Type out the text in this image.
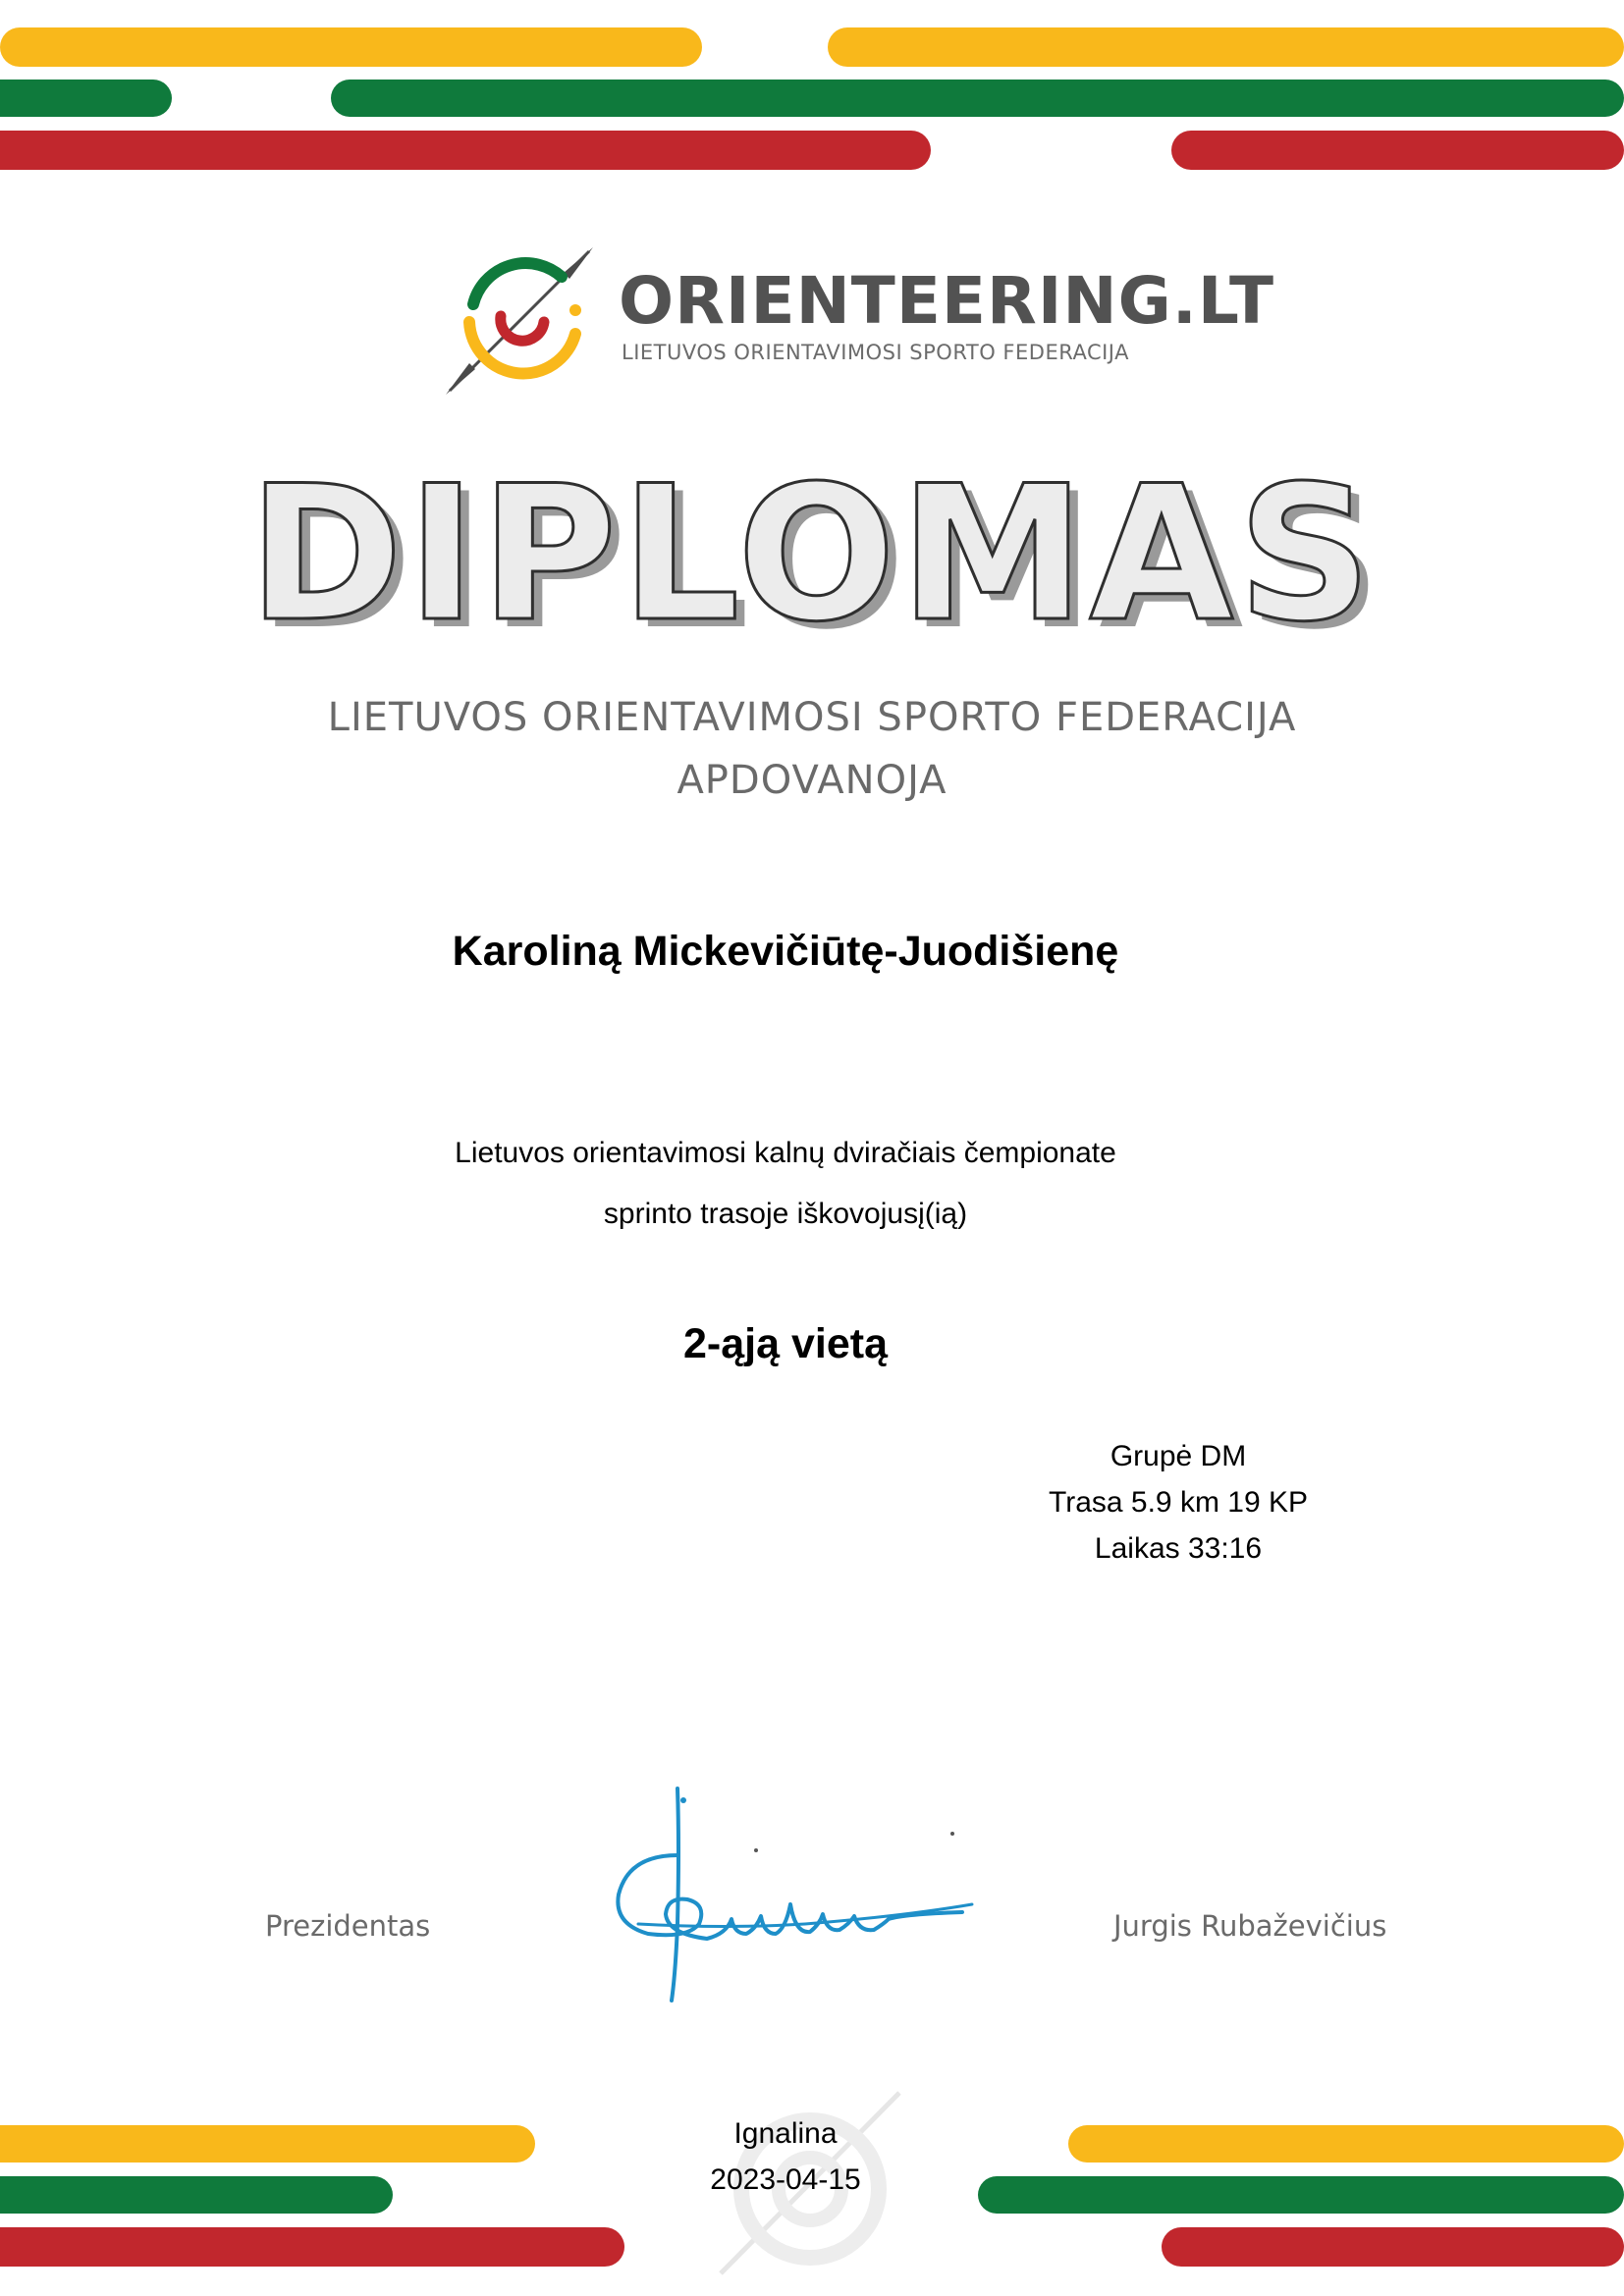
ORIENTEERING.LT
LIETUVOS ORIENTAVIMOSI SPORTO FEDERACIJA
DIPLOMAS
LIETUVOS ORIENTAVIMOSI SPORTO FEDERACIJA
APDOVANOJA
Karoliną Mickevičiūtę-Juodišienę
Lietuvos orientavimosi kalnų dviračiais čempionate
sprinto trasoje iškovojusį(ią)
2-ąją vietą
Grupė DM
Trasa 5.9 km 19 KP
Laikas 33:16
Prezidentas	Jurgis Rubaževičius
Ignalina
2023-04-15
